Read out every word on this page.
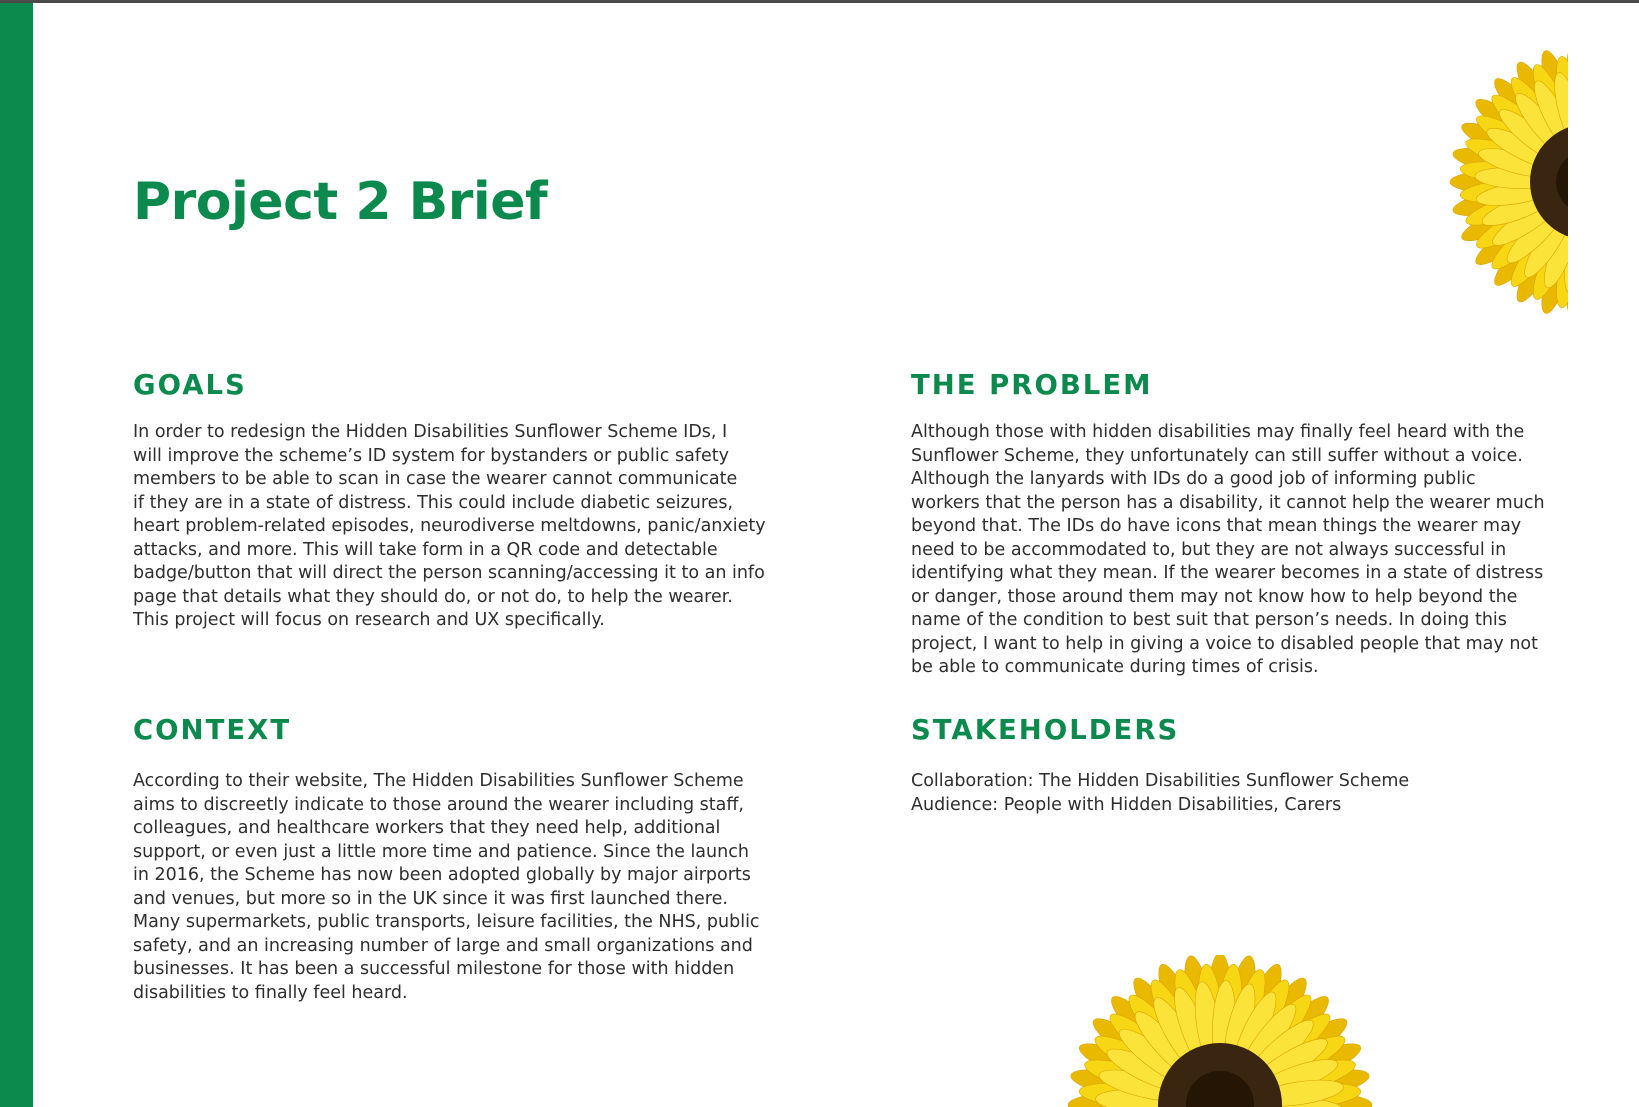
Project 2 Brief
GOALS
In order to redesign the Hidden Disabilities Sunflower Scheme IDs, I
will improve the scheme’s ID system for bystanders or public safety
members to be able to scan in case the wearer cannot communicate
if they are in a state of distress. This could include diabetic seizures,
heart problem-related episodes, neurodiverse meltdowns, panic/anxiety
attacks, and more. This will take form in a QR code and detectable
badge/button that will direct the person scanning/accessing it to an info
page that details what they should do, or not do, to help the wearer.
This project will focus on research and UX specifically.
CONTEXT
According to their website, The Hidden Disabilities Sunflower Scheme
aims to discreetly indicate to those around the wearer including staff,
colleagues, and healthcare workers that they need help, additional
support, or even just a little more time and patience. Since the launch
in 2016, the Scheme has now been adopted globally by major airports
and venues, but more so in the UK since it was first launched there.
Many supermarkets, public transports, leisure facilities, the NHS, public
safety, and an increasing number of large and small organizations and
businesses. It has been a successful milestone for those with hidden
disabilities to finally feel heard.
THE PROBLEM
Although those with hidden disabilities may finally feel heard with the
Sunflower Scheme, they unfortunately can still suffer without a voice.
Although the lanyards with IDs do a good job of informing public
workers that the person has a disability, it cannot help the wearer much
beyond that. The IDs do have icons that mean things the wearer may
need to be accommodated to, but they are not always successful in
identifying what they mean. If the wearer becomes in a state of distress
or danger, those around them may not know how to help beyond the
name of the condition to best suit that person’s needs. In doing this
project, I want to help in giving a voice to disabled people that may not
be able to communicate during times of crisis.
STAKEHOLDERS
Collaboration: The Hidden Disabilities Sunflower Scheme
Audience: People with Hidden Disabilities, Carers
